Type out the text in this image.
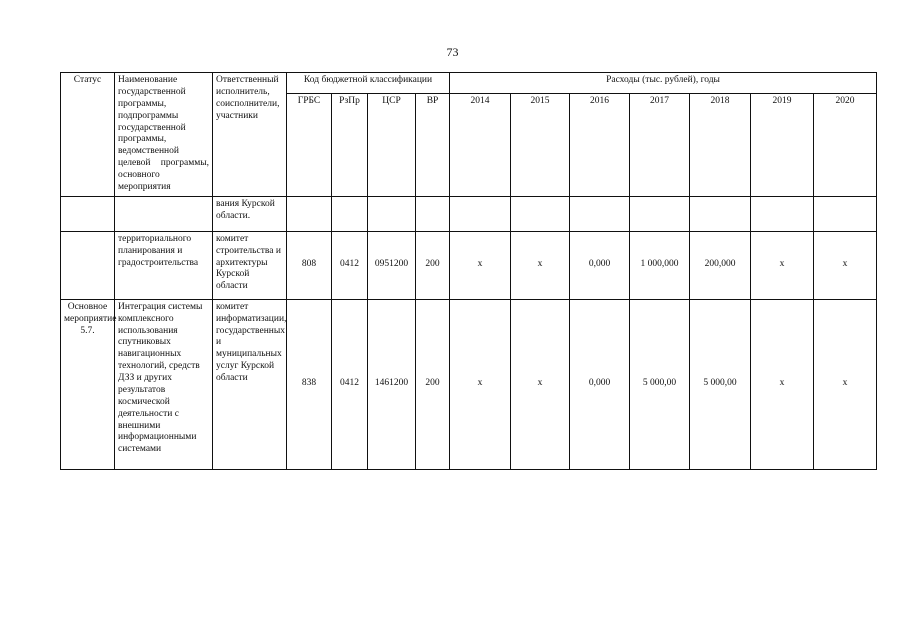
73
Статус	Наименование государственной программы, подпрограммы государственной программы, ведомственной целевой программы, основного мероприятия	Ответственный исполнитель, соисполнители, участники	Код бюджетной классификации				Расходы (тыс. рублей), годы						
			ГРБС	РзПр	ЦСР	ВР	2014	2015	2016	2017	2018	2019	2020
		вания Курской области.											
	территориального планирования и градостроительства	комитет строительства и архитектуры Курской области	808	0412	0951200	200	x	x	0,000	1 000,000	200,000	x	x
Основное мероприятие 5.7.	Интеграция системы комплексного использования спутниковых навигационных технологий, средств ДЗЗ и других результатов космической деятельности с внешними информационными системами	комитет информатизации, государственных и муниципальных услуг Курской области	838	0412	1461200	200	x	x	0,000	5 000,00	5 000,00	x	x
